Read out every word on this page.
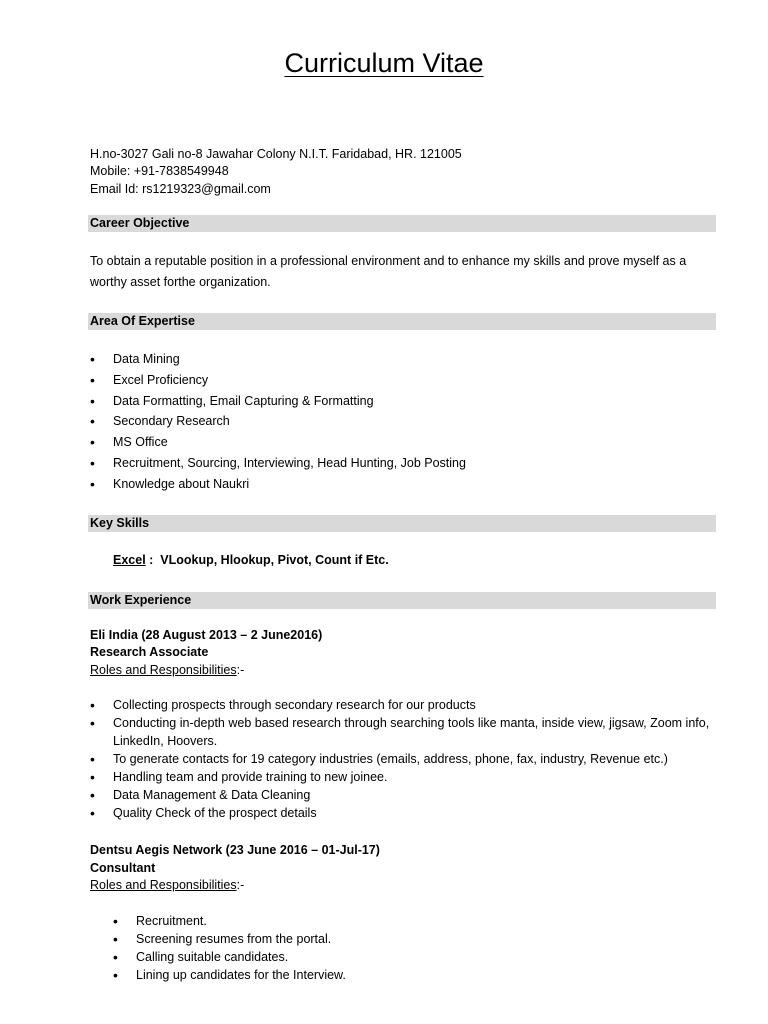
Curriculum Vitae
H.no-3027 Gali no-8 Jawahar Colony N.I.T. Faridabad, HR. 121005
Mobile: +91-7838549948
Email Id: rs1219323@gmail.com
Career Objective
To obtain a reputable position in a professional environment and to enhance my skills and prove myself as a worthy asset forthe organization.
Area Of Expertise
• Data Mining
• Excel Proficiency
• Data Formatting, Email Capturing & Formatting
• Secondary Research
• MS Office
• Recruitment, Sourcing, Interviewing, Head Hunting, Job Posting
• Knowledge about Naukri
Key Skills
Excel :  VLookup, Hlookup, Pivot, Count if Etc.
Work Experience
Eli India (28 August 2013 – 2 June2016)
Research Associate
Roles and Responsibilities:-
• Collecting prospects through secondary research for our products
• Conducting in-depth web based research through searching tools like manta, inside view, jigsaw, Zoom info, LinkedIn, Hoovers.
• To generate contacts for 19 category industries (emails, address, phone, fax, industry, Revenue etc.)
• Handling team and provide training to new joinee.
• Data Management & Data Cleaning
• Quality Check of the prospect details
Dentsu Aegis Network (23 June 2016 – 01-Jul-17)
Consultant
Roles and Responsibilities:-
• Recruitment.
• Screening resumes from the portal.
• Calling suitable candidates.
• Lining up candidates for the Interview.
